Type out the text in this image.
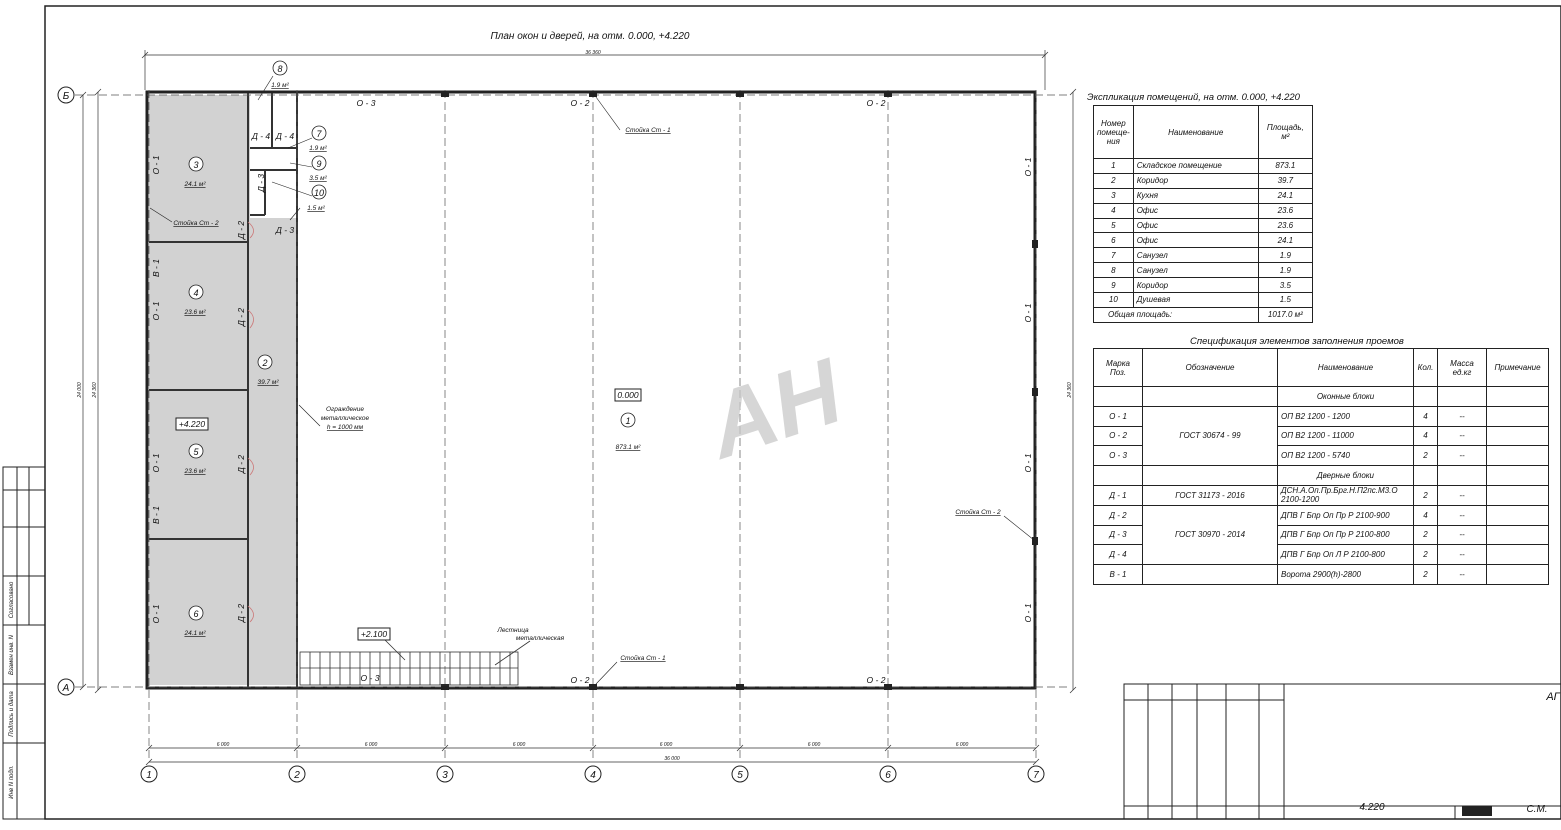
План окон и дверей, на отм. 0.000, +4.220
36 360
Б
А
24 000 24 360	24 360
6 000	6 000	6 000	6 000	6 000	6 000
36 000
1	2	3	4	5	6	7
Лестница
металлическая
+2.100
О - 3	О - 2	О - 2
О - 3	О - 2	О - 2
О - 1
О - 1
О - 1
О - 1
О - 1
О - 1
О - 1
О - 1
В - 1
В - 1
Д - 2
Д - 2
Д - 2
Д - 2
Д - 3
Д - 3
Д - 4 Д - 4
1
873.1 м²
2
39.7 м²
3
24.1 м²
4
23.6 м²
5
23.6 м²
6
24.1 м²
7
1.9 м²
8
1.9 м²
9
3.5 м²
10
1.5 м²
0.000
+4.220
Стойка Ст - 1
Стойка Ст - 1
Стойка Ст - 2
Стойка Ст - 2
Ограждение
металлическое
h = 1000 мм	АН
4.220	С.М.
АГ
Согласовано
Взамен инв. N
Подпись и дата
Инв N подл.
Экспликация помещений, на отм. 0.000, +4.220
Номер помеще-ния	Наименование	Площадь, м²
1	Складское помещение	873.1
2	Коридор	39.7
3	Кухня	24.1
4	Офис	23.6
5	Офис	23.6
6	Офис	24.1
7	Санузел	1.9
8	Санузел	1.9
9	Коридор	3.5
10	Душевая	1.5
Общая площадь:		1017.0 м²
Спецификация элементов заполнения проемов
Марка Поз.	Обозначение	Наименование	Кол.	Масса ед.кг	Примечание
		Оконные блоки			
О - 1	ГОСТ 30674 - 99	ОП В2 1200 - 1200	4	--	
О - 2		ОП В2 1200 - 11000	4	--	
О - 3		ОП В2 1200 - 5740	2	--	
		Дверные блоки			
Д - 1	ГОСТ 31173 - 2016	ДСН.А.Оп.Пр.Брг.Н.П2пс.М3.О 2100-1200	2	--	
Д - 2	ГОСТ 30970 - 2014	ДПВ Г Бпр Оп Пр Р 2100-900	4	--	
Д - 3		ДПВ Г Бпр Оп Пр Р 2100-800	2	--	
Д - 4		ДПВ Г Бпр Оп Л Р 2100-800	2	--	
В - 1		Ворота 2900(h)-2800	2	--	
